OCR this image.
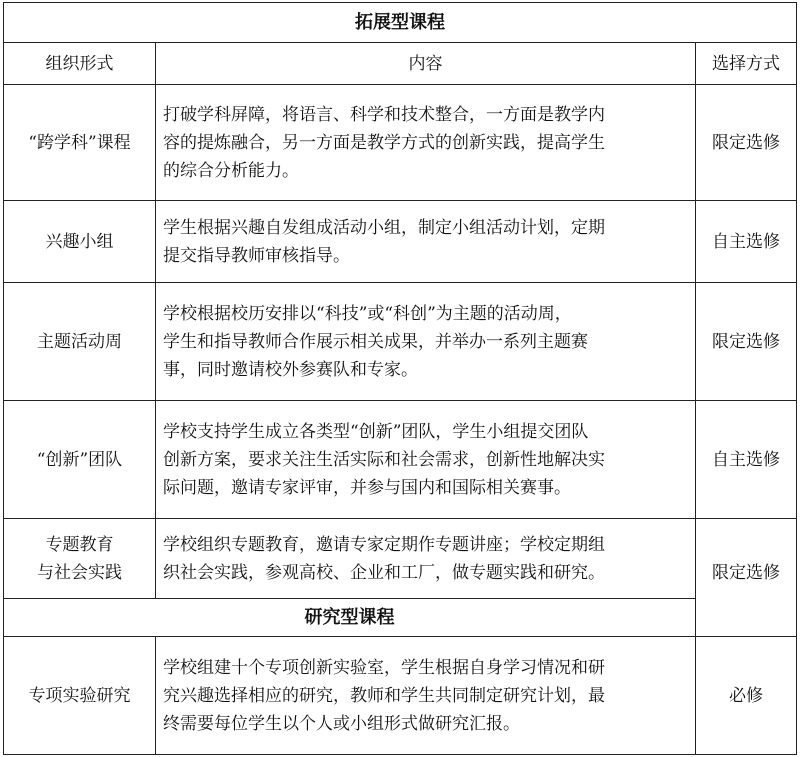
拓展型课程		
组织形式	内容	选择方式

“跨学科”课程	打破学科屏障，将语言、科学和技术整合，一方面是教学内
容的提炼融合，另一方面是教学方式的创新实践，提高学生
的综合分析能力。	限定选修

兴趣小组	学生根据兴趣自发组成活动小组，制定小组活动计划，定期
提交指导教师审核指导。	自主选修

主题活动周	学校根据校历安排以“科技”或“科创”为主题的活动周，
学生和指导教师合作展示相关成果，并举办一系列主题赛
事，同时邀请校外参赛队和专家。	限定选修

“创新”团队	学校支持学生成立各类型“创新”团队，学生小组提交团队
创新方案，要求关注生活实际和社会需求，创新性地解决实
际问题，邀请专家评审，并参与国内和国际相关赛事。	自主选修

专题教育
与社会实践	学校组织专题教育，邀请专家定期作专题讲座；学校定期组
织社会实践，参观高校、企业和工厂，做专题实践和研究。	限定选修
研究型课程		

专项实验研究	学校组建十个专项创新实验室，学生根据自身学习情况和研
究兴趣选择相应的研究，教师和学生共同制定研究计划，最
终需要每位学生以个人或小组形式做研究汇报。	必修
